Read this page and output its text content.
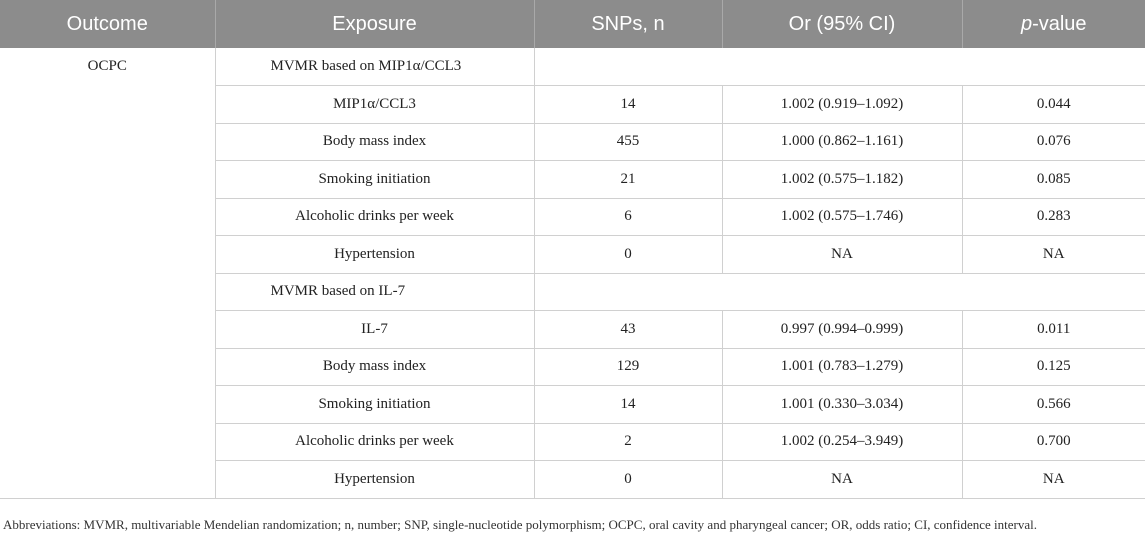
Outcome	Exposure	SNPs, n	Or (95% CI)	p-value
OCPC	MVMR based on MIP1α/CCL3			
	MIP1α/CCL3	14	1.002 (0.919–1.092)	0.044
	Body mass index	455	1.000 (0.862–1.161)	0.076
	Smoking initiation	21	1.002 (0.575–1.182)	0.085
	Alcoholic drinks per week	6	1.002 (0.575–1.746)	0.283
	Hypertension	0	NA	NA
	MVMR based on IL-7			
	IL-7	43	0.997 (0.994–0.999)	0.011
	Body mass index	129	1.001 (0.783–1.279)	0.125
	Smoking initiation	14	1.001 (0.330–3.034)	0.566
	Alcoholic drinks per week	2	1.002 (0.254–3.949)	0.700
	Hypertension	0	NA	NA
Abbreviations: MVMR, multivariable Mendelian randomization; n, number; SNP, single-nucleotide polymorphism; OCPC, oral cavity and pharyngeal cancer; OR, odds ratio; CI, confidence interval.
